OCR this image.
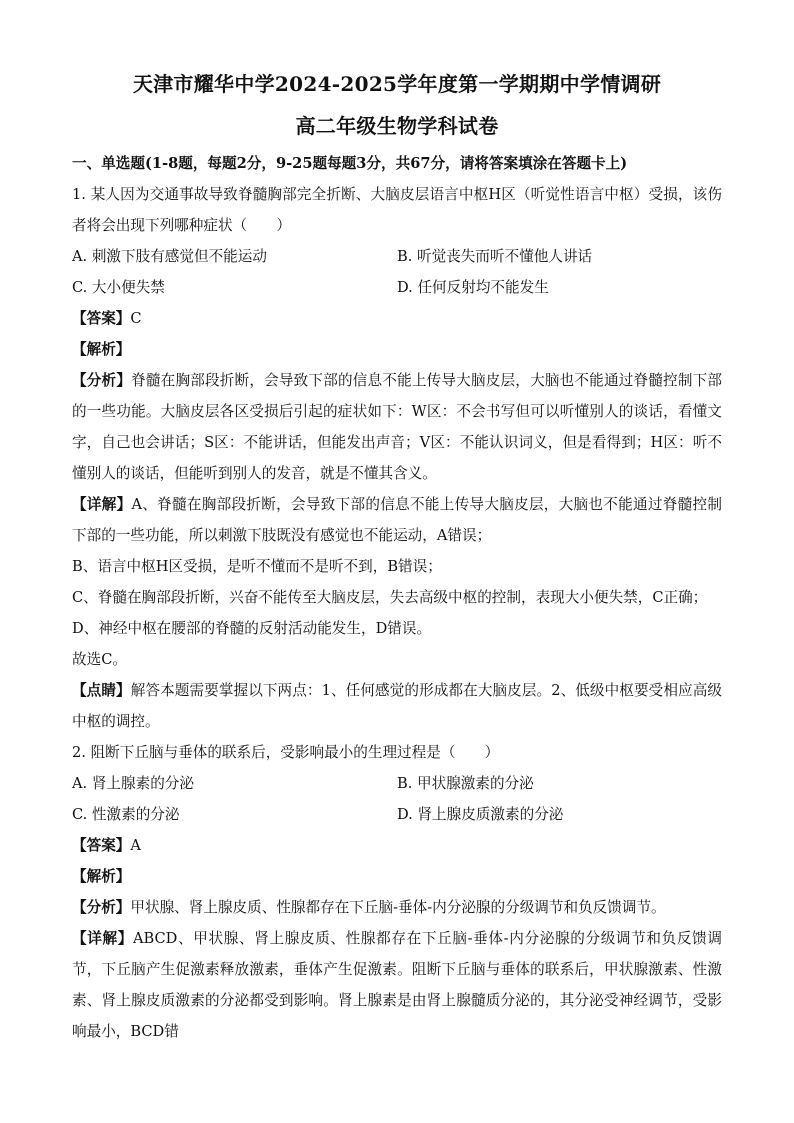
天津市耀华中学2024-2025学年度第一学期期中学情调研
高二年级生物学科试卷

一、单选题(1-8题，每题2分，9-25题每题3分，共67分，请将答案填涂在答题卡上)

1. 某人因为交通事故导致脊髓胸部完全折断、大脑皮层语言中枢H区（听觉性语言中枢）受损，该伤者将会出现下列哪种症状（　　）

A. 刺激下肢有感觉但不能运动	B. 听觉丧失而听不懂他人讲话
C. 大小便失禁	D. 任何反射均不能发生

【答案】C

【解析】

【分析】脊髓在胸部段折断，会导致下部的信息不能上传导大脑皮层，大脑也不能通过脊髓控制下部的一些功能。大脑皮层各区受损后引起的症状如下：W区：不会书写但可以听懂别人的谈话，看懂文字，自己也会讲话；S区：不能讲话，但能发出声音；V区：不能认识词义，但是看得到；H区：听不懂别人的谈话，但能听到别人的发音，就是不懂其含义。

【详解】A、脊髓在胸部段折断，会导致下部的信息不能上传导大脑皮层，大脑也不能通过脊髓控制下部的一些功能，所以刺激下肢既没有感觉也不能运动，A错误；

B、语言中枢H区受损，是听不懂而不是听不到，B错误；

C、脊髓在胸部段折断，兴奋不能传至大脑皮层，失去高级中枢的控制，表现大小便失禁，C正确；

D、神经中枢在腰部的脊髓的反射活动能发生，D错误。

故选C。

【点睛】解答本题需要掌握以下两点：1、任何感觉的形成都在大脑皮层。2、低级中枢要受相应高级中枢的调控。

2. 阻断下丘脑与垂体的联系后，受影响最小的生理过程是（　　）

A. 肾上腺素的分泌	B. 甲状腺激素的分泌
C. 性激素的分泌	D. 肾上腺皮质激素的分泌

【答案】A

【解析】

【分析】甲状腺、肾上腺皮质、性腺都存在下丘脑-垂体-内分泌腺的分级调节和负反馈调节。

【详解】ABCD、甲状腺、肾上腺皮质、性腺都存在下丘脑-垂体-内分泌腺的分级调节和负反馈调节，下丘脑产生促激素释放激素，垂体产生促激素。阻断下丘脑与垂体的联系后，甲状腺激素、性激素、肾上腺皮质激素的分泌都受到影响。肾上腺素是由肾上腺髓质分泌的，其分泌受神经调节，受影响最小，BCD错
